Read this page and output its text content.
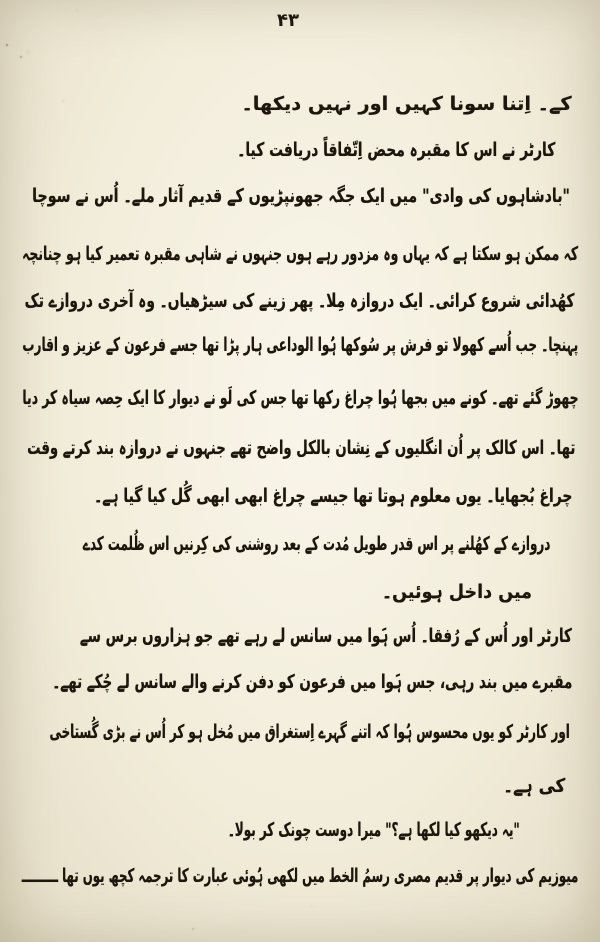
۴۳
کے۔ اِتنا سونا کہیں اور نہیں دیکھا۔
کارٹر نے اس کا مقبرہ محض اِتّفاقاً دریافت کیا۔
"بادشاہوں کی وادی" میں ایک جگہ جھونپڑیوں کے قدیم آثار ملے۔ اُس نے سوچا
کہ ممکن ہو سکتا ہے کہ یہاں وہ مزدور رہے ہوں جنہوں نے شاہی مقبرہ تعمیر کیا ہو چنانچہ
کھُدائی شروع کرائی۔ ایک دروازہ مِلا۔ پھر زینے کی سیڑھیاں۔ وہ آخری دروازے تک
پہنچا۔ جب اُسے کھولا تو فرش پر سُوکھا ہُوا الوداعی ہار پڑا تھا جسے فرعون کے عزیز و اقارب
چھوڑ گئے تھے۔ کونے میں بجھا ہُوا چراغ رکھا تھا جس کی لَو نے دیوار کا ایک حِصہ سیاہ کر دیا
تھا۔ اس کالک پر اُن انگلیوں کے نِشان بالکل واضح تھے جنہوں نے دروازہ بند کرتے وقت
چراغ بُجھایا۔ یوں معلوم ہوتا تھا جیسے چراغ ابھی ابھی گُل کیا گیا ہے۔
دروازے کے کھُلنے پر اس قدر طویل مُدت کے بعد روشنی کی کِرنیں اس ظُلمت کدے
میں داخل ہوئیں۔
کارٹر اور اُس کے رُفقا۔ اُس ہَوا میں سانس لے رہے تھے جو ہزاروں برس سے
مقبرے میں بند رہی، جس ہَوا میں فرعون کو دفن کرنے والے سانس لے چُکے تھے۔
اور کارٹر کو یوں محسوس ہُوا کہ اتنے گہرے اِستغراق میں مُخل ہو کر اُس نے بڑی گُستاخی
کی ہے۔
"یہ دیکھو کیا لکھا ہے؟" میرا دوست چونک کر بولا۔
میوزیم کی دیوار پر قدیم مصری رسمُ الخط میں لکھی ہُوئی عبارت کا ترجمہ کچھ یوں تھا ـــــــــ
